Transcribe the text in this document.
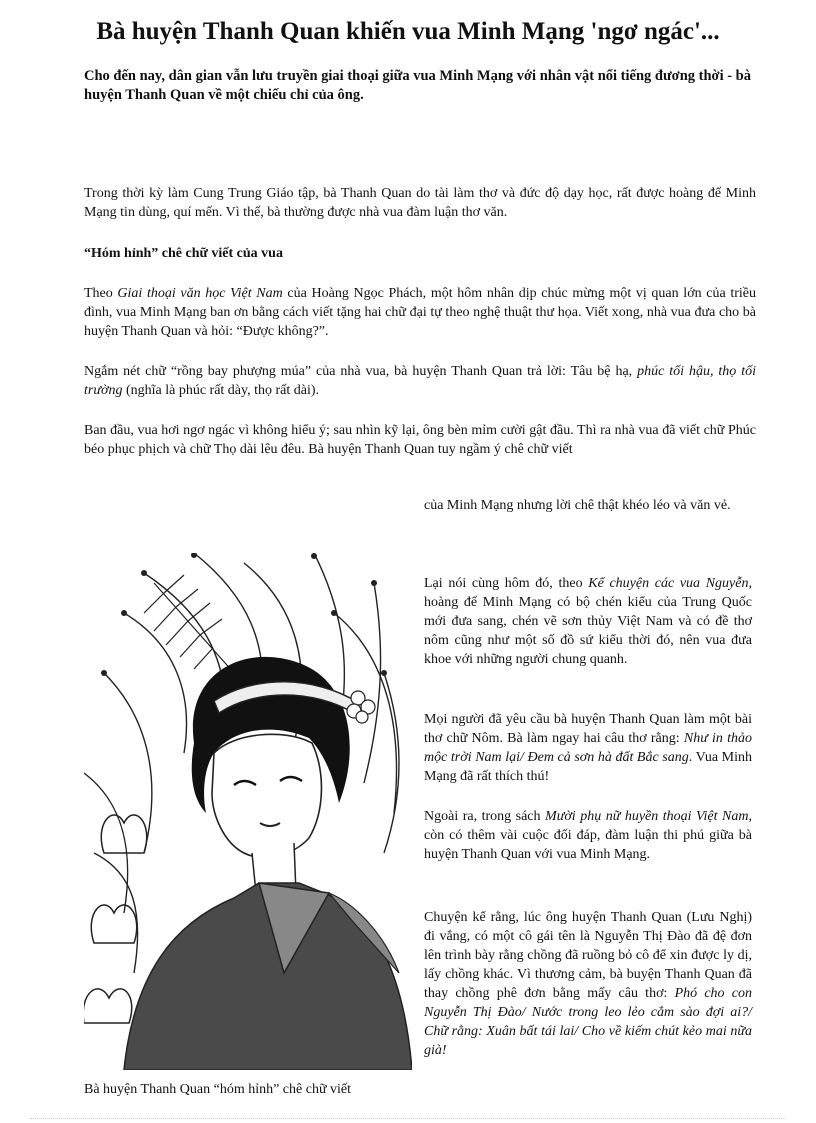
Bà huyện Thanh Quan khiến vua Minh Mạng 'ngơ ngác'...

Cho đến nay, dân gian vẫn lưu truyền giai thoại giữa vua Minh Mạng với nhân vật nổi tiếng đương thời - bà huyện Thanh Quan về một chiếu chỉ của ông.

Trong thời kỳ làm Cung Trung Giáo tập, bà Thanh Quan do tài làm thơ và đức độ dạy học, rất được hoàng đế Minh Mạng tin dùng, quí mến. Vì thế, bà thường được nhà vua đàm luận thơ văn.

“Hóm hỉnh” chê chữ viết của vua

Theo Giai thoại văn học Việt Nam của Hoàng Ngọc Phách, một hôm nhân dịp chúc mừng một vị quan lớn của triều đình, vua Minh Mạng ban ơn bằng cách viết tặng hai chữ đại tự theo nghệ thuật thư họa. Viết xong, nhà vua đưa cho bà huyện Thanh Quan và hỏi: “Được không?”.

Ngắm nét chữ “rồng bay phượng múa” của nhà vua, bà huyện Thanh Quan trả lời: Tâu bệ hạ, phúc tối hậu, thọ tối trường (nghĩa là phúc rất dày, thọ rất dài).

Ban đầu, vua hơi ngơ ngác vì không hiểu ý; sau nhìn kỹ lại, ông bèn mỉm cười gật đầu. Thì ra nhà vua đã viết chữ Phúc béo phục phịch và chữ Thọ dài lêu đêu. Bà huyện Thanh Quan tuy ngầm ý chê chữ viết

của Minh Mạng nhưng lời chê thật khéo léo và văn vẻ.

Lại nói cùng hôm đó, theo Kể chuyện các vua Nguyễn, hoàng đế Minh Mạng có bộ chén kiểu của Trung Quốc mới đưa sang, chén vẽ sơn thủy Việt Nam và có đề thơ nôm cũng như một số đồ sứ kiểu thời đó, nên vua đưa khoe với những người chung quanh.

Mọi người đã yêu cầu bà huyện Thanh Quan làm một bài thơ chữ Nôm. Bà làm ngay hai câu thơ rằng: Như in thảo mộc trời Nam lại/ Đem cả sơn hà đất Bắc sang. Vua Minh Mạng đã rất thích thú!

Ngoài ra, trong sách Mười phụ nữ huyền thoại Việt Nam, còn có thêm vài cuộc đối đáp, đàm luận thi phú giữa bà huyện Thanh Quan với vua Minh Mạng.

Chuyện kể rằng, lúc ông huyện Thanh Quan (Lưu Nghị) đi vắng, có một cô gái tên là Nguyễn Thị Đào đã đệ đơn lên trình bày rằng chồng đã ruồng bỏ cô để xin được ly dị, lấy chồng khác. Vì thương cảm, bà buyện Thanh Quan đã thay chồng phê đơn bằng mấy câu thơ: Phó cho con Nguyễn Thị Đào/ Nước trong leo lẻo cắm sào đợi ai?/ Chữ rằng: Xuân bất tái lai/ Cho về kiếm chút kẻo mai nữa già!

Bà huyện Thanh Quan “hóm hỉnh” chê chữ viết
